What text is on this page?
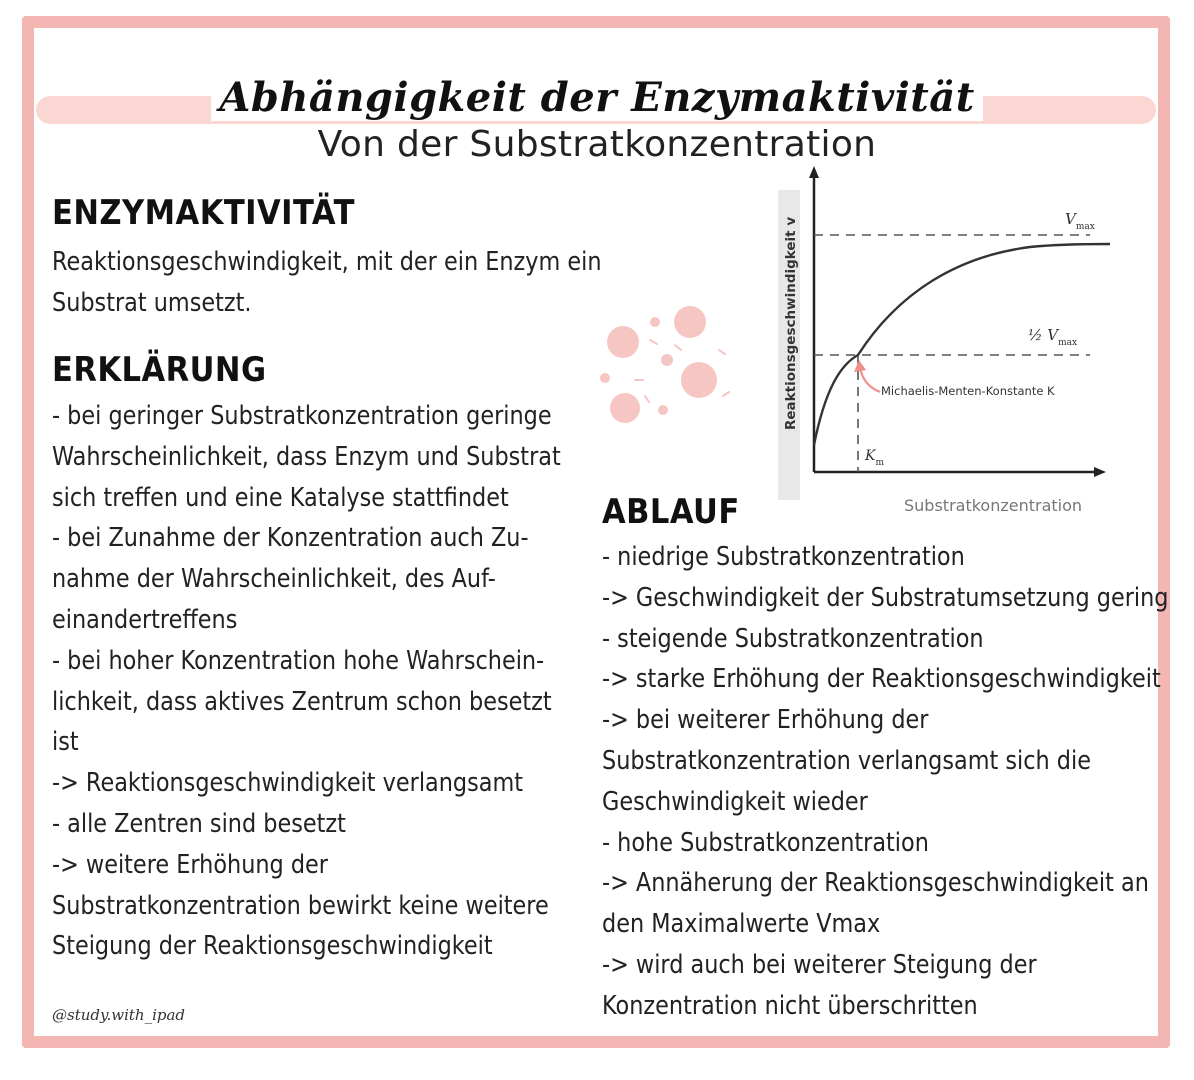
Abhängigkeit der Enzymaktivität
Von der Substratkonzentration
ENZYMAKTIVITÄT
Reaktionsgeschwindigkeit, mit der ein Enzym ein
Substrat umsetzt.
ERKLÄRUNG
- bei geringer Substratkonzentration geringe
Wahrscheinlichkeit, dass Enzym und Substrat
sich treffen und eine Katalyse stattfindet
- bei Zunahme der Konzentration auch Zu-
nahme der Wahrscheinlichkeit, des Auf-
einandertreffens
- bei hoher Konzentration hohe Wahrschein-
lichkeit, dass aktives Zentrum schon besetzt
ist
-> Reaktionsgeschwindigkeit verlangsamt
- alle Zentren sind besetzt
-> weitere Erhöhung der
Substratkonzentration bewirkt keine weitere
Steigung der Reaktionsgeschwindigkeit
ABLAUF
- niedrige Substratkonzentration
-> Geschwindigkeit der Substratumsetzung gering
- steigende Substratkonzentration
-> starke Erhöhung der Reaktionsgeschwindigkeit
-> bei weiterer Erhöhung der
Substratkonzentration verlangsamt sich die
Geschwindigkeit wieder
- hohe Substratkonzentration
-> Annäherung der Reaktionsgeschwindigkeit an
den Maximalwerte Vmax
-> wird auch bei weiterer Steigung der
Konzentration nicht überschritten
Reaktionsgeschwindigkeit v	$V_{max}$
½ $V_{max}$
$K_m$
Michaelis-Menten-Konstante K
Substratkonzentration
@study.with_ipad
